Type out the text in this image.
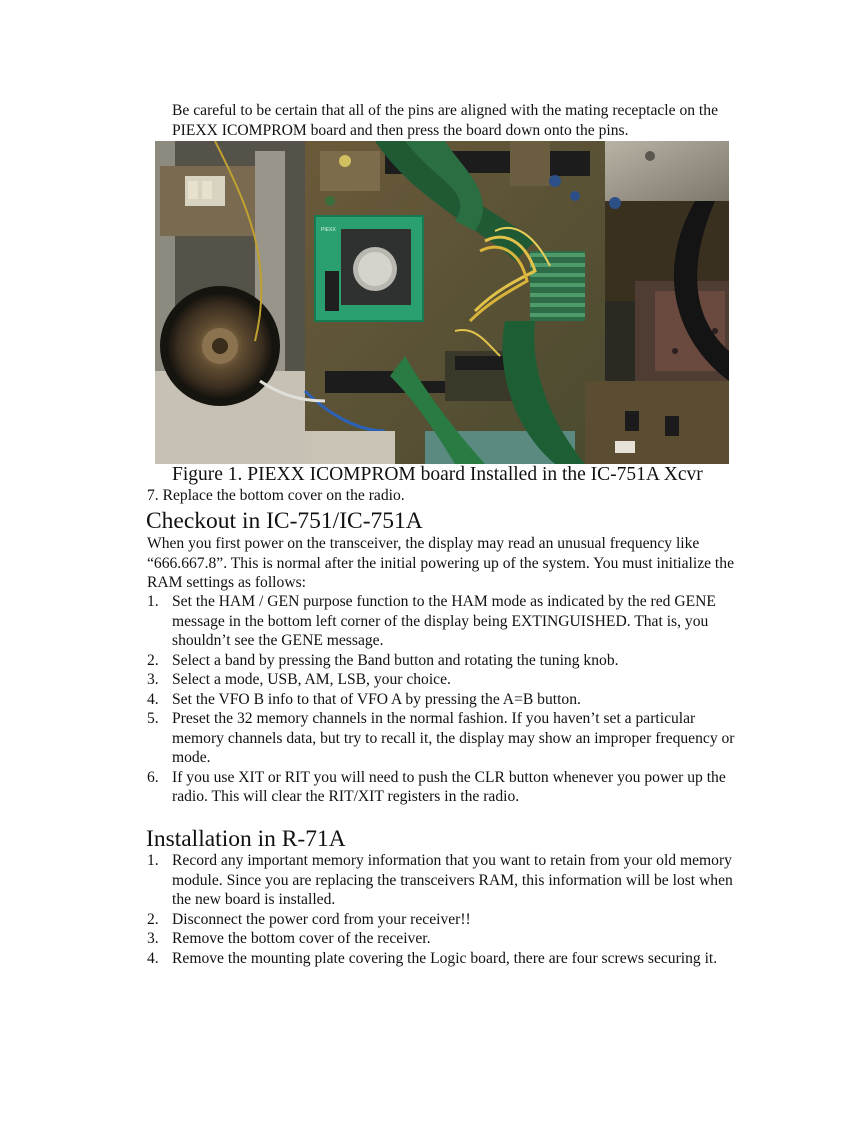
Be careful to be certain that all of the pins are aligned with the mating receptacle on the PIEXX ICOMPROM board and then press the board down onto the pins.

PIEXX

Figure 1. PIEXX ICOMPROM board Installed in the IC-751A Xcvr

7. Replace the bottom cover on the radio.

Checkout in IC-751/IC-751A

When you first power on the transceiver, the display may read an unusual frequency like “666.667.8”. This is normal after the initial powering up of the system. You must initialize the RAM settings as follows:

1. Set the HAM / GEN purpose function to the HAM mode as indicated by the red GENE message in the bottom left corner of the display being EXTINGUISHED. That is, you shouldn’t see the GENE message.
2. Select a band by pressing the Band button and rotating the tuning knob.
3. Select a mode, USB, AM, LSB, your choice.
4. Set the VFO B info to that of VFO A by pressing the A=B button.
5. Preset the 32 memory channels in the normal fashion. If you haven’t set a particular memory channels data, but try to recall it, the display may show an improper frequency or mode.
6. If you use XIT or RIT you will need to push the CLR button whenever you power up the radio. This will clear the RIT/XIT registers in the radio.
Installation in R-71A
1. Record any important memory information that you want to retain from your old memory module. Since you are replacing the transceivers RAM, this information will be lost when the new board is installed.
2. Disconnect the power cord from your receiver!!
3. Remove the bottom cover of the receiver.
4. Remove the mounting plate covering the Logic board, there are four screws securing it.
